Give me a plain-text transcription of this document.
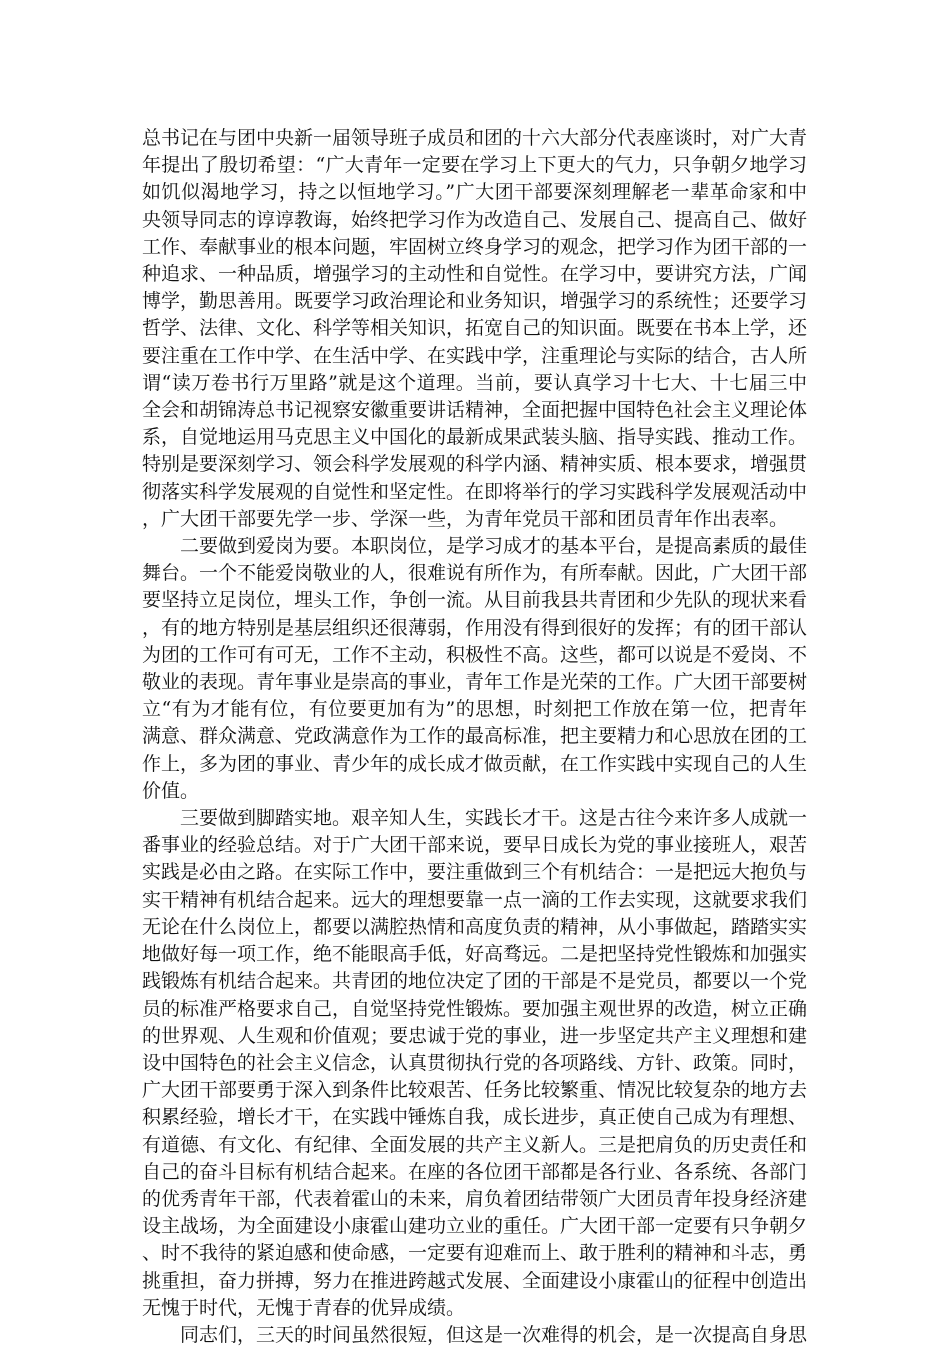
总书记在与团中央新一届领导班子成员和团的十六大部分代表座谈时，对广大青年提出了殷切希望：“广大青年一定要在学习上下更大的气力，只争朝夕地学习如饥似渴地学习，持之以恒地学习。”广大团干部要深刻理解老一辈革命家和中央领导同志的谆谆教诲，始终把学习作为改造自己、发展自己、提高自己、做好工作、奉献事业的根本问题，牢固树立终身学习的观念，把学习作为团干部的一种追求、一种品质，增强学习的主动性和自觉性。在学习中，要讲究方法，广闻博学，勤思善用。既要学习政治理论和业务知识，增强学习的系统性；还要学习哲学、法律、文化、科学等相关知识，拓宽自己的知识面。既要在书本上学，还要注重在工作中学、在生活中学、在实践中学，注重理论与实际的结合，古人所谓“读万卷书行万里路”就是这个道理。当前，要认真学习十七大、十七届三中全会和胡锦涛总书记视察安徽重要讲话精神，全面把握中国特色社会主义理论体系，自觉地运用马克思主义中国化的最新成果武装头脑、指导实践、推动工作。特别是要深刻学习、领会科学发展观的科学内涵、精神实质、根本要求，增强贯彻落实科学发展观的自觉性和坚定性。在即将举行的学习实践科学发展观活动中，广大团干部要先学一步、学深一些，为青年党员干部和团员青年作出表率。

二要做到爱岗为要。本职岗位，是学习成才的基本平台，是提高素质的最佳舞台。一个不能爱岗敬业的人，很难说有所作为，有所奉献。因此，广大团干部要坚持立足岗位，埋头工作，争创一流。从目前我县共青团和少先队的现状来看，有的地方特别是基层组织还很薄弱，作用没有得到很好的发挥；有的团干部认为团的工作可有可无，工作不主动，积极性不高。这些，都可以说是不爱岗、不敬业的表现。青年事业是崇高的事业，青年工作是光荣的工作。广大团干部要树立“有为才能有位，有位要更加有为”的思想，时刻把工作放在第一位，把青年满意、群众满意、党政满意作为工作的最高标准，把主要精力和心思放在团的工作上，多为团的事业、青少年的成长成才做贡献，在工作实践中实现自己的人生价值。

三要做到脚踏实地。艰辛知人生，实践长才干。这是古往今来许多人成就一番事业的经验总结。对于广大团干部来说，要早日成长为党的事业接班人，艰苦实践是必由之路。在实际工作中，要注重做到三个有机结合：一是把远大抱负与实干精神有机结合起来。远大的理想要靠一点一滴的工作去实现，这就要求我们无论在什么岗位上，都要以满腔热情和高度负责的精神，从小事做起，踏踏实实地做好每一项工作，绝不能眼高手低，好高骛远。二是把坚持党性锻炼和加强实践锻炼有机结合起来。共青团的地位决定了团的干部是不是党员，都要以一个党员的标准严格要求自己，自觉坚持党性锻炼。要加强主观世界的改造，树立正确的世界观、人生观和价值观；要忠诚于党的事业，进一步坚定共产主义理想和建设中国特色的社会主义信念，认真贯彻执行党的各项路线、方针、政策。同时，广大团干部要勇于深入到条件比较艰苦、任务比较繁重、情况比较复杂的地方去积累经验，增长才干，在实践中锤炼自我，成长进步，真正使自己成为有理想、有道德、有文化、有纪律、全面发展的共产主义新人。三是把肩负的历史责任和自己的奋斗目标有机结合起来。在座的各位团干部都是各行业、各系统、各部门的优秀青年干部，代表着霍山的未来，肩负着团结带领广大团员青年投身经济建设主战场，为全面建设小康霍山建功立业的重任。广大团干部一定要有只争朝夕、时不我待的紧迫感和使命感，一定要有迎难而上、敢于胜利的精神和斗志，勇挑重担，奋力拼搏，努力在推进跨越式发展、全面建设小康霍山的征程中创造出无愧于时代，无愧于青春的优异成绩。

同志们，三天的时间虽然很短，但这是一次难得的机会，是一次提高自身思
